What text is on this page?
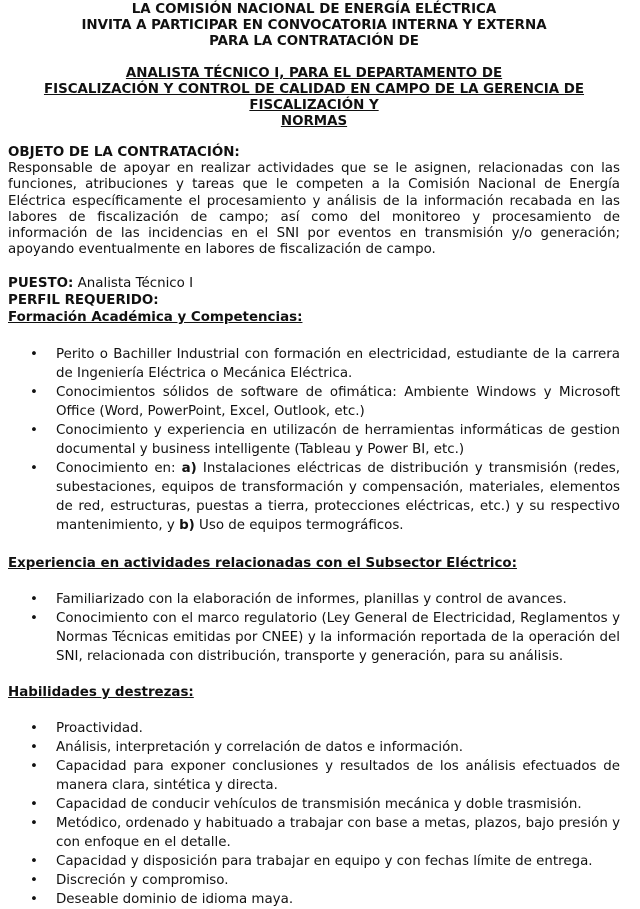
LA COMISIÓN NACIONAL DE ENERGÍA ELÉCTRICA

INVITA A PARTICIPAR EN CONVOCATORIA INTERNA Y EXTERNA

PARA LA CONTRATACIÓN DE

ANALISTA TÉCNICO I, PARA EL DEPARTAMENTO DE

FISCALIZACIÓN Y CONTROL DE CALIDAD EN CAMPO DE LA GERENCIA DE FISCALIZACIÓN Y

NORMAS

OBJETO DE LA CONTRATACIÓN:

Responsable de apoyar en realizar actividades que se le asignen, relacionadas con las funciones, atribuciones y tareas que le competen a la Comisión Nacional de Energía Eléctrica específicamente el procesamiento y análisis de la información recabada en las labores de fiscalización de campo; así como del monitoreo y procesamiento de información de las incidencias en el SNI por eventos en transmisión y/o generación; apoyando eventualmente en labores de fiscalización de campo.

PUESTO: Analista Técnico I

PERFIL REQUERIDO:

Formación Académica y Competencias:

• Perito o Bachiller Industrial con formación en electricidad, estudiante de la carrera de Ingeniería Eléctrica o Mecánica Eléctrica.
• Conocimientos sólidos de software de ofimática: Ambiente Windows y Microsoft Office (Word, PowerPoint, Excel, Outlook, etc.)
• Conocimiento y experiencia en utilizacón de herramientas informáticas de gestion documental y business intelligente (Tableau y Power BI, etc.)
• Conocimiento en: a) Instalaciones eléctricas de distribución y transmisión (redes, subestaciones, equipos de transformación y compensación, materiales, elementos de red, estructuras, puestas a tierra, protecciones eléctricas, etc.) y su respectivo mantenimiento, y b) Uso de equipos termográficos.

Experiencia en actividades relacionadas con el Subsector Eléctrico:

• Familiarizado con la elaboración de informes, planillas y control de avances.
• Conocimiento con el marco regulatorio (Ley General de Electricidad, Reglamentos y Normas Técnicas emitidas por CNEE) y la información reportada de la operación del SNI, relacionada con distribución, transporte y generación, para su análisis.

Habilidades y destrezas:

• Proactividad.
• Análisis, interpretación y correlación de datos e información.
• Capacidad para exponer conclusiones y resultados de los análisis efectuados de manera clara, sintética y directa.
• Capacidad de conducir vehículos de transmisión mecánica y doble trasmisión.
• Metódico, ordenado y habituado a trabajar con base a metas, plazos, bajo presión y con enfoque en el detalle.
• Capacidad y disposición para trabajar en equipo y con fechas límite de entrega.
• Discreción y compromiso.
• Deseable dominio de idioma maya.
